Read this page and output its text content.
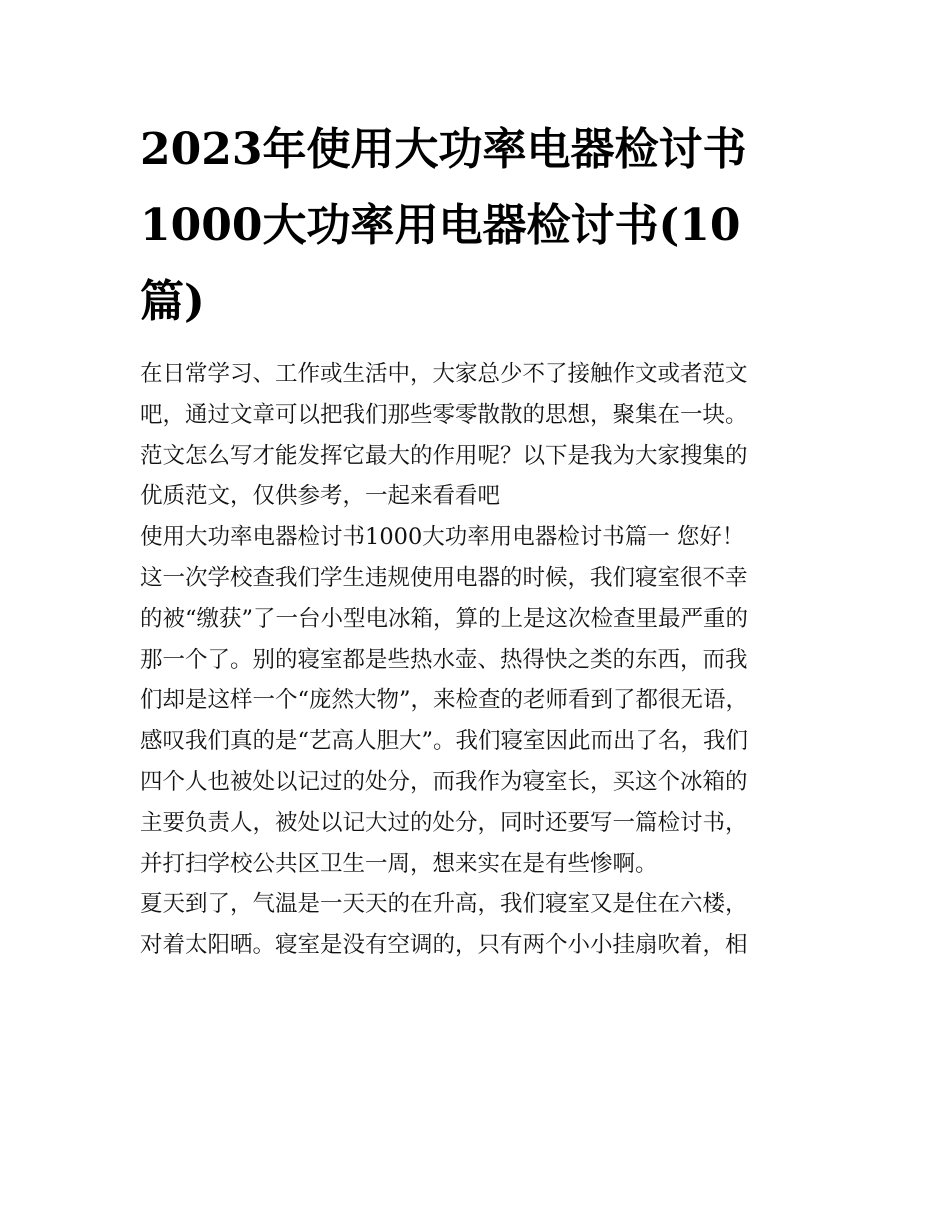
2023年使用大功率电器检讨书
1000大功率用电器检讨书(10
篇)

在日常学习、工作或生活中，大家总少不了接触作文或者范文
吧，通过文章可以把我们那些零零散散的思想，聚集在一块。
范文怎么写才能发挥它最大的作用呢？以下是我为大家搜集的
优质范文，仅供参考，一起来看看吧

使用大功率电器检讨书1000大功率用电器检讨书篇一 您好！
这一次学校查我们学生违规使用电器的时候，我们寝室很不幸
的被“缴获”了一台小型电冰箱，算的上是这次检查里最严重的
那一个了。别的寝室都是些热水壶、热得快之类的东西，而我
们却是这样一个“庞然大物”，来检查的老师看到了都很无语，
感叹我们真的是“艺高人胆大”。我们寝室因此而出了名，我们
四个人也被处以记过的处分，而我作为寝室长，买这个冰箱的
主要负责人，被处以记大过的处分，同时还要写一篇检讨书，
并打扫学校公共区卫生一周，想来实在是有些惨啊。

夏天到了，气温是一天天的在升高，我们寝室又是住在六楼，
对着太阳晒。寝室是没有空调的，只有两个小小挂扇吹着，相
